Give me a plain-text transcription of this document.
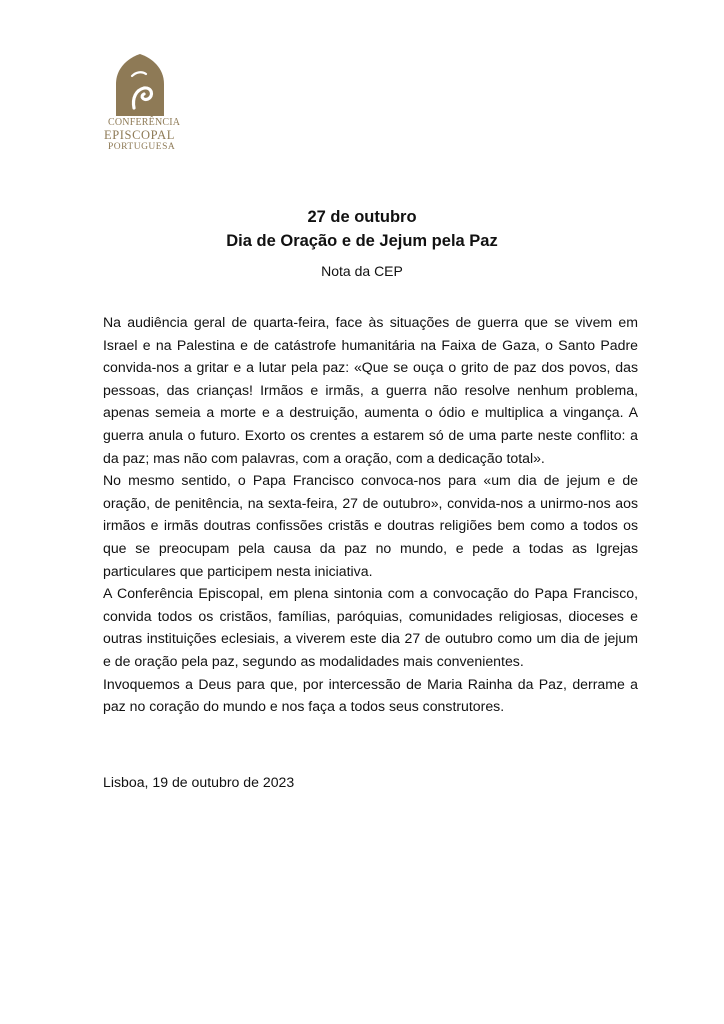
CONFERÊNCIA
EPISCOPAL
PORTUGUESA
27 de outubro
Dia de Oração e de Jejum pela Paz
Nota da CEP

Na audiência geral de quarta-feira, face às situações de guerra que se vivem em Israel e na Palestina e de catástrofe humanitária na Faixa de Gaza, o Santo Padre convida-nos a gritar e a lutar pela paz: «Que se ouça o grito de paz dos povos, das pessoas, das crianças! Irmãos e irmãs, a guerra não resolve nenhum problema, apenas semeia a morte e a destruição, aumenta o ódio e multiplica a vingança. A guerra anula o futuro. Exorto os crentes a estarem só de uma parte neste conflito: a da paz; mas não com palavras, com a oração, com a dedicação total».

No mesmo sentido, o Papa Francisco convoca-nos para «um dia de jejum e de oração, de penitência, na sexta-feira, 27 de outubro», convida-nos a unirmo-nos aos irmãos e irmãs doutras confissões cristãs e doutras religiões bem como a todos os que se preocupam pela causa da paz no mundo, e pede a todas as Igrejas particulares que participem nesta iniciativa.

A Conferência Episcopal, em plena sintonia com a convocação do Papa Francisco, convida todos os cristãos, famílias, paróquias, comunidades religiosas, dioceses e outras instituições eclesiais, a viverem este dia 27 de outubro como um dia de jejum e de oração pela paz, segundo as modalidades mais convenientes.

Invoquemos a Deus para que, por intercessão de Maria Rainha da Paz, derrame a paz no coração do mundo e nos faça a todos seus construtores.

Lisboa, 19 de outubro de 2023
